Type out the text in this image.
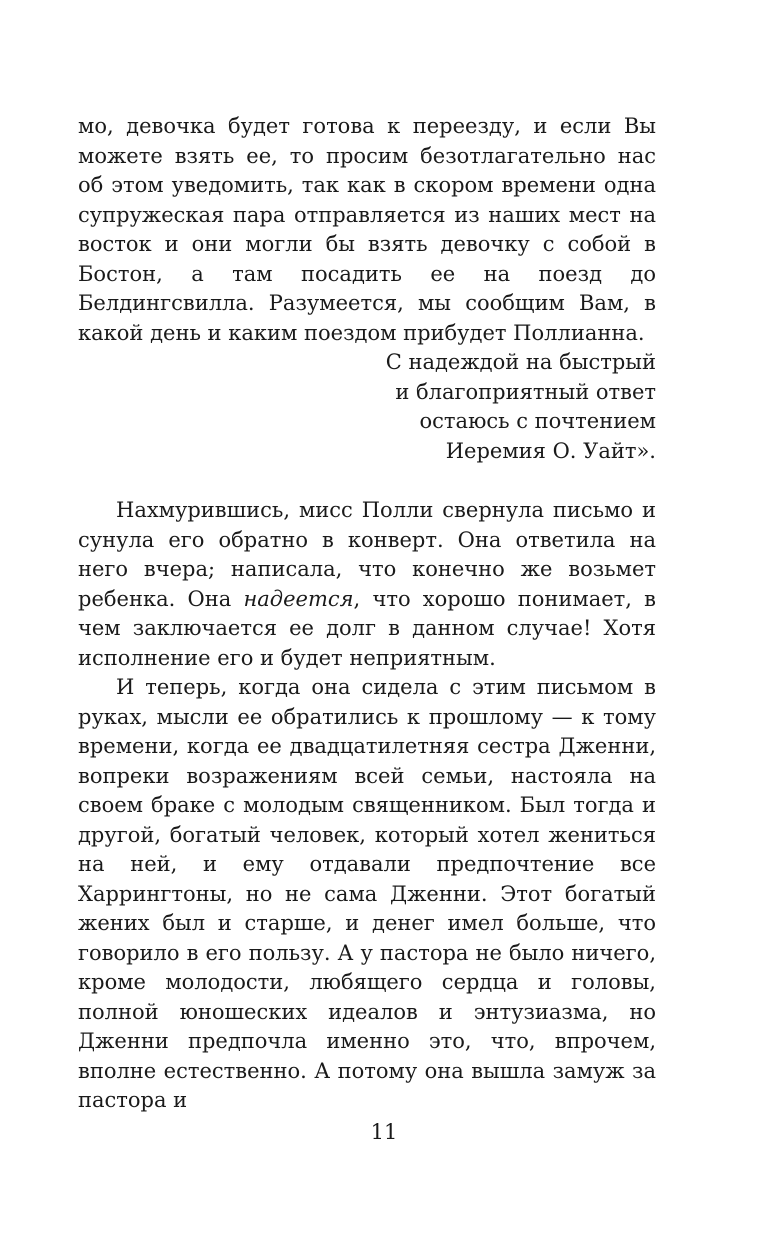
мо, девочка будет готова к переезду, и если Вы можете взять ее, то просим безотлагательно нас об этом уведомить, так как в скором времени одна супружеская пара отправляется из наших мест на восток и они могли бы взять девочку с собой в Бостон, а там посадить ее на поезд до Белдингсвилла. Разумеется, мы сообщим Вам, в какой день и каким поездом прибудет Поллианна.

С надеждой на быстрый
и благоприятный ответ
остаюсь с почтением
Иеремия О. Уайт».

Нахмурившись, мисс Полли свернула письмо и сунула его обратно в конверт. Она ответила на него вчера; написала, что конечно же возьмет ребенка. Она надеется, что хорошо понимает, в чем заключается ее долг в данном случае! Хотя исполнение его и будет неприятным.

И теперь, когда она сидела с этим письмом в руках, мысли ее обратились к прошлому — к тому времени, когда ее двадцатилетняя сестра Дженни, вопреки возражениям всей семьи, настояла на своем браке с молодым священником. Был тогда и другой, богатый человек, который хотел жениться на ней, и ему отдавали предпочтение все Харрингтоны, но не сама Дженни. Этот богатый жених был и старше, и денег имел больше, что говорило в его пользу. А у пастора не было ничего, кроме молодости, любящего сердца и головы, полной юношеских идеалов и энтузиазма, но Дженни предпочла именно это, что, впрочем, вполне естественно. А потому она вышла замуж за пастора и

11
